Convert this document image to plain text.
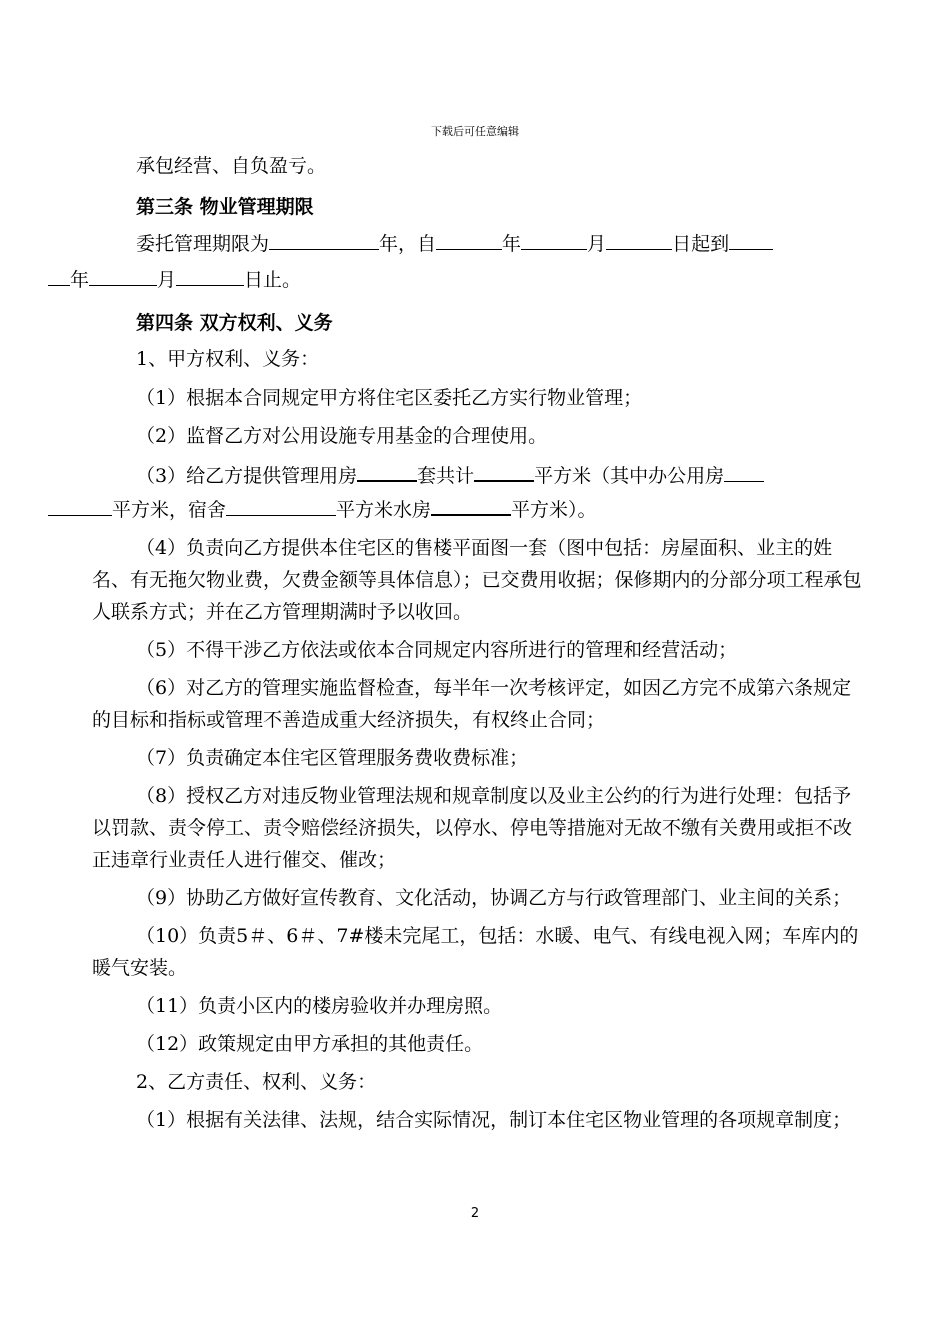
下载后可任意编辑

承包经营、自负盈亏。

第三条 物业管理期限

委托管理期限为	年，自	年	月	日起到
年	月	日止。

第四条 双方权利、义务

1、甲方权利、义务：

（1）根据本合同规定甲方将住宅区委托乙方实行物业管理；

（2）监督乙方对公用设施专用基金的合理使用。

（3）给乙方提供管理用房	套共计	平方米（其中办公用房
平方米，宿舍	平方米水房	平方米）。

（4）负责向乙方提供本住宅区的售楼平面图一套（图中包括：房屋面积、业主的姓名、有无拖欠物业费，欠费金额等具体信息）；已交费用收据；保修期内的分部分项工程承包人联系方式；并在乙方管理期满时予以收回。

（5）不得干涉乙方依法或依本合同规定内容所进行的管理和经营活动；

（6）对乙方的管理实施监督检查，每半年一次考核评定，如因乙方完不成第六条规定的目标和指标或管理不善造成重大经济损失，有权终止合同；

（7）负责确定本住宅区管理服务费收费标准；

（8）授权乙方对违反物业管理法规和规章制度以及业主公约的行为进行处理：包括予以罚款、责令停工、责令赔偿经济损失，以停水、停电等措施对无故不缴有关费用或拒不改正违章行业责任人进行催交、催改；

（9）协助乙方做好宣传教育、文化活动，协调乙方与行政管理部门、业主间的关系；

（10）负责5＃、6＃、7#楼未完尾工，包括：水暖、电气、有线电视入网；车库内的暖气安装。

（11）负责小区内的楼房验收并办理房照。

（12）政策规定由甲方承担的其他责任。

2、乙方责任、权利、义务：

（1）根据有关法律、法规，结合实际情况，制订本住宅区物业管理的各项规章制度；

2
